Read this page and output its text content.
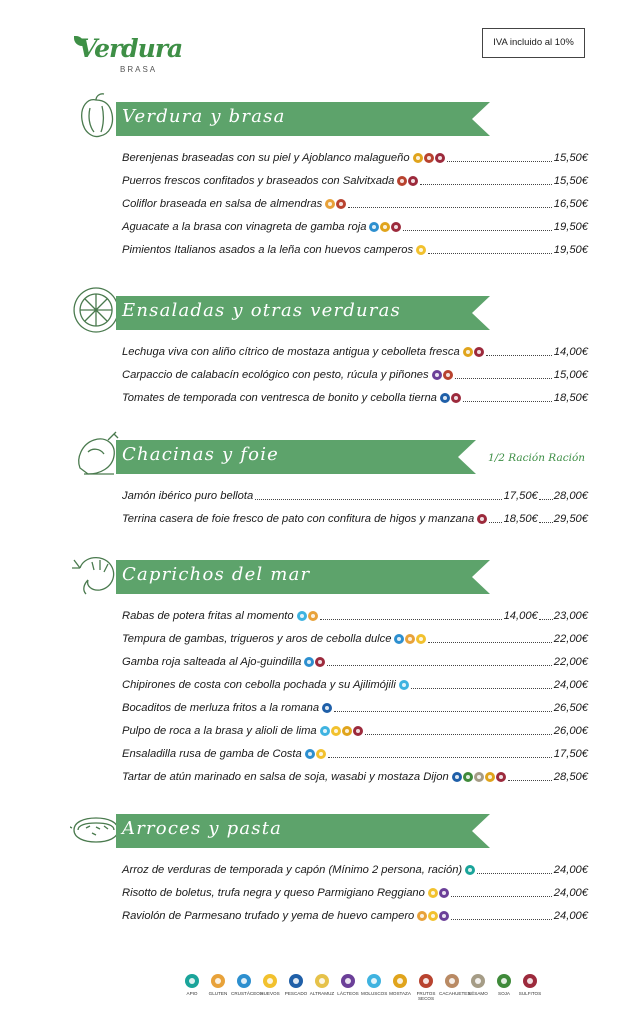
Verdura
BRASA
IVA incluido al 10%
Verdura y brasa
Berenjenas braseadas con su piel y Ajoblanco malagueño	15,50€
Puerros frescos confitados y braseados con Salvitxada	15,50€
Coliflor braseada en salsa de almendras	16,50€
Aguacate a la brasa con vinagreta de gamba roja	19,50€
Pimientos Italianos asados a la leña con huevos camperos	19,50€
Ensaladas y otras verduras
Lechuga viva con aliño cítrico de mostaza antigua y cebolleta fresca	14,00€
Carpaccio de calabacín ecológico con pesto, rúcula y piñones	15,00€
Tomates de temporada con ventresca de bonito y cebolla tierna	18,50€
Chacinas y foie	1/2 Ración Ración
Jamón ibérico puro bellota	17,50€ 28,00€
Terrina casera de foie fresco de pato con confitura de higos y manzana	18,50€ 29,50€
Caprichos del mar
Rabas de potera fritas al momento	14,00€ 23,00€
Tempura de gambas, trigueros y aros de cebolla dulce	22,00€
Gamba roja salteada al Ajo-guindilla	22,00€
Chipirones de costa con cebolla pochada y su Ajilimójili	24,00€
Bocaditos de merluza fritos a la romana	26,50€
Pulpo de roca a la brasa y alioli de lima	26,00€
Ensaladilla rusa de gamba de Costa	17,50€
Tartar de atún marinado en salsa de soja, wasabi y mostaza Dijon	28,50€
Arroces y pasta
Arroz de verduras de temporada y capón (Mínimo 2 persona, ración)	24,00€
Risotto de boletus, trufa negra y queso Parmigiano Reggiano	24,00€
Raviolón de Parmesano trufado y yema de huevo campero	24,00€
APIO	GLUTEN CRUSTÁCEOS
HUEVOS	PESCADO ALTRAMUZ LÁCTEOS MOLUSCOS MOSTAZA	FRUTOS SECOS
CACAHUETES
SÉSAMO	SOJA	SULFITOS
